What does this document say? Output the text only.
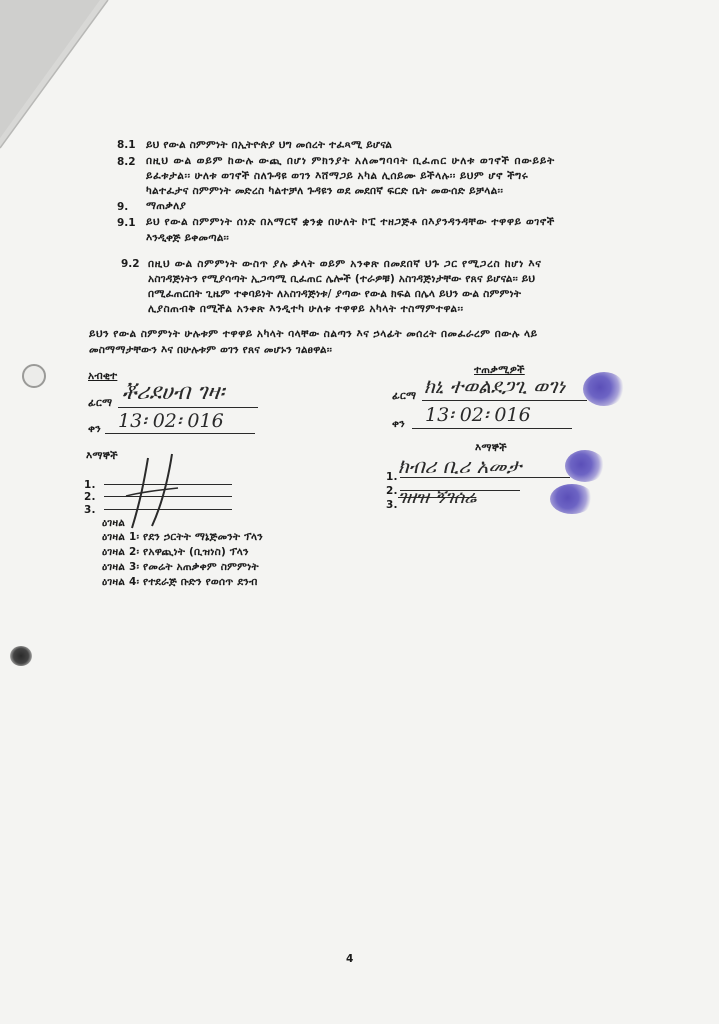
8.1 ይህ የውል ስምምነት በኢትዮጵያ ህግ መሰረት ተፈጻሚ ይሆናል
8.2 በዚህ ውል ወይም ከውሉ ውጪ በሆነ ምክንያት አለመግባባት ቢፈጠር ሁለቱ ወገኖች በውይይት
ይፈቱታል፡፡ ሁለቱ ወገኖች ስለጉዳዩ ወገን እሸማጋይ አካል ሊሰይሙ ይችላሉ፡፡ ይህም ሆኖ ችግሩ
ካልተፈታና ስምምነት መድረስ ካልተቻለ ጉዳዩን ወደ መደበኛ ፍርድ ቤት መውሰድ ይቻላል፡፡
9. ማጠቃለያ
9.1 ይህ የውል ስምምነት ሰነድ በአማርኛ ቋንቋ በሁለት ኮፒ ተዘጋጅቶ በእያንዳንዳቸው ተዋዋይ ወገኖች
እንዲቀጅ ይቀመጣል፡፡
9.2 በዚህ ውል ስምምነት ውስጥ ያሉ ቃላት ወይም አንቀጽ በመደበኛ ህጉ ጋር የሚጋረስ ከሆነ እና
አስገዳጅነትን የሚያሳጣት ኢጋጣሚ ቢፈጠር ሌሎች (ተራዎቹ) አስገዳጅነታቸው የጸና ይሆናል፡፡ ይህ
በሚፈጠርበት ጊዜም ተቀባይነት ለአስገዳጅነቱ/ ያጣው የውል ክፍል በሌላ ይህን ውል ስምምነት
ሊያስጠብቅ በሚችል አንቀጽ እንዲተካ ሁለቱ ተዋዋይ አካላት ተስማምተዋል፡፡
ይህን የውል ስምምነት ሁሉቱም ተዋዋይ አካላት ባላቸው ስልጣን እና ኃላፊት መሰረት በመፈራረም በውሉ ላይ
መስማማታቸውን እና በሁሉቱም ወገን የጸና መሆኑን ገልፀዋል፡፡
አብቂተ
ፊርማ ቾሪደሀብ ገዛ፡
ቀን 13፡ 02፡ 016
ተጠቃሚዎች
ፊርማ ክኒ ተወልደጋጊ ወገነ
ቀን 13፡ 02፡ 016
እማኞች
1.
2.
3.
እማኞች
1. ክብሪ ቢሪ አመታ
2.
3. ገዘዝ ኝገሰሬ
ዕገዛል
ዕገዛል 1፡ የደን ኃርትት ማኔጅመንት ፕላን
ዕገዛል 2፡ የአዋጪነት (ቢዝነስ) ፕላን
ዕገዛል 3፡ የመሬት አጠቃቀም ስምምነት
ዕገዛል 4፡ የተደራጅ ቡድን የወሰጥ ደንብ
4
